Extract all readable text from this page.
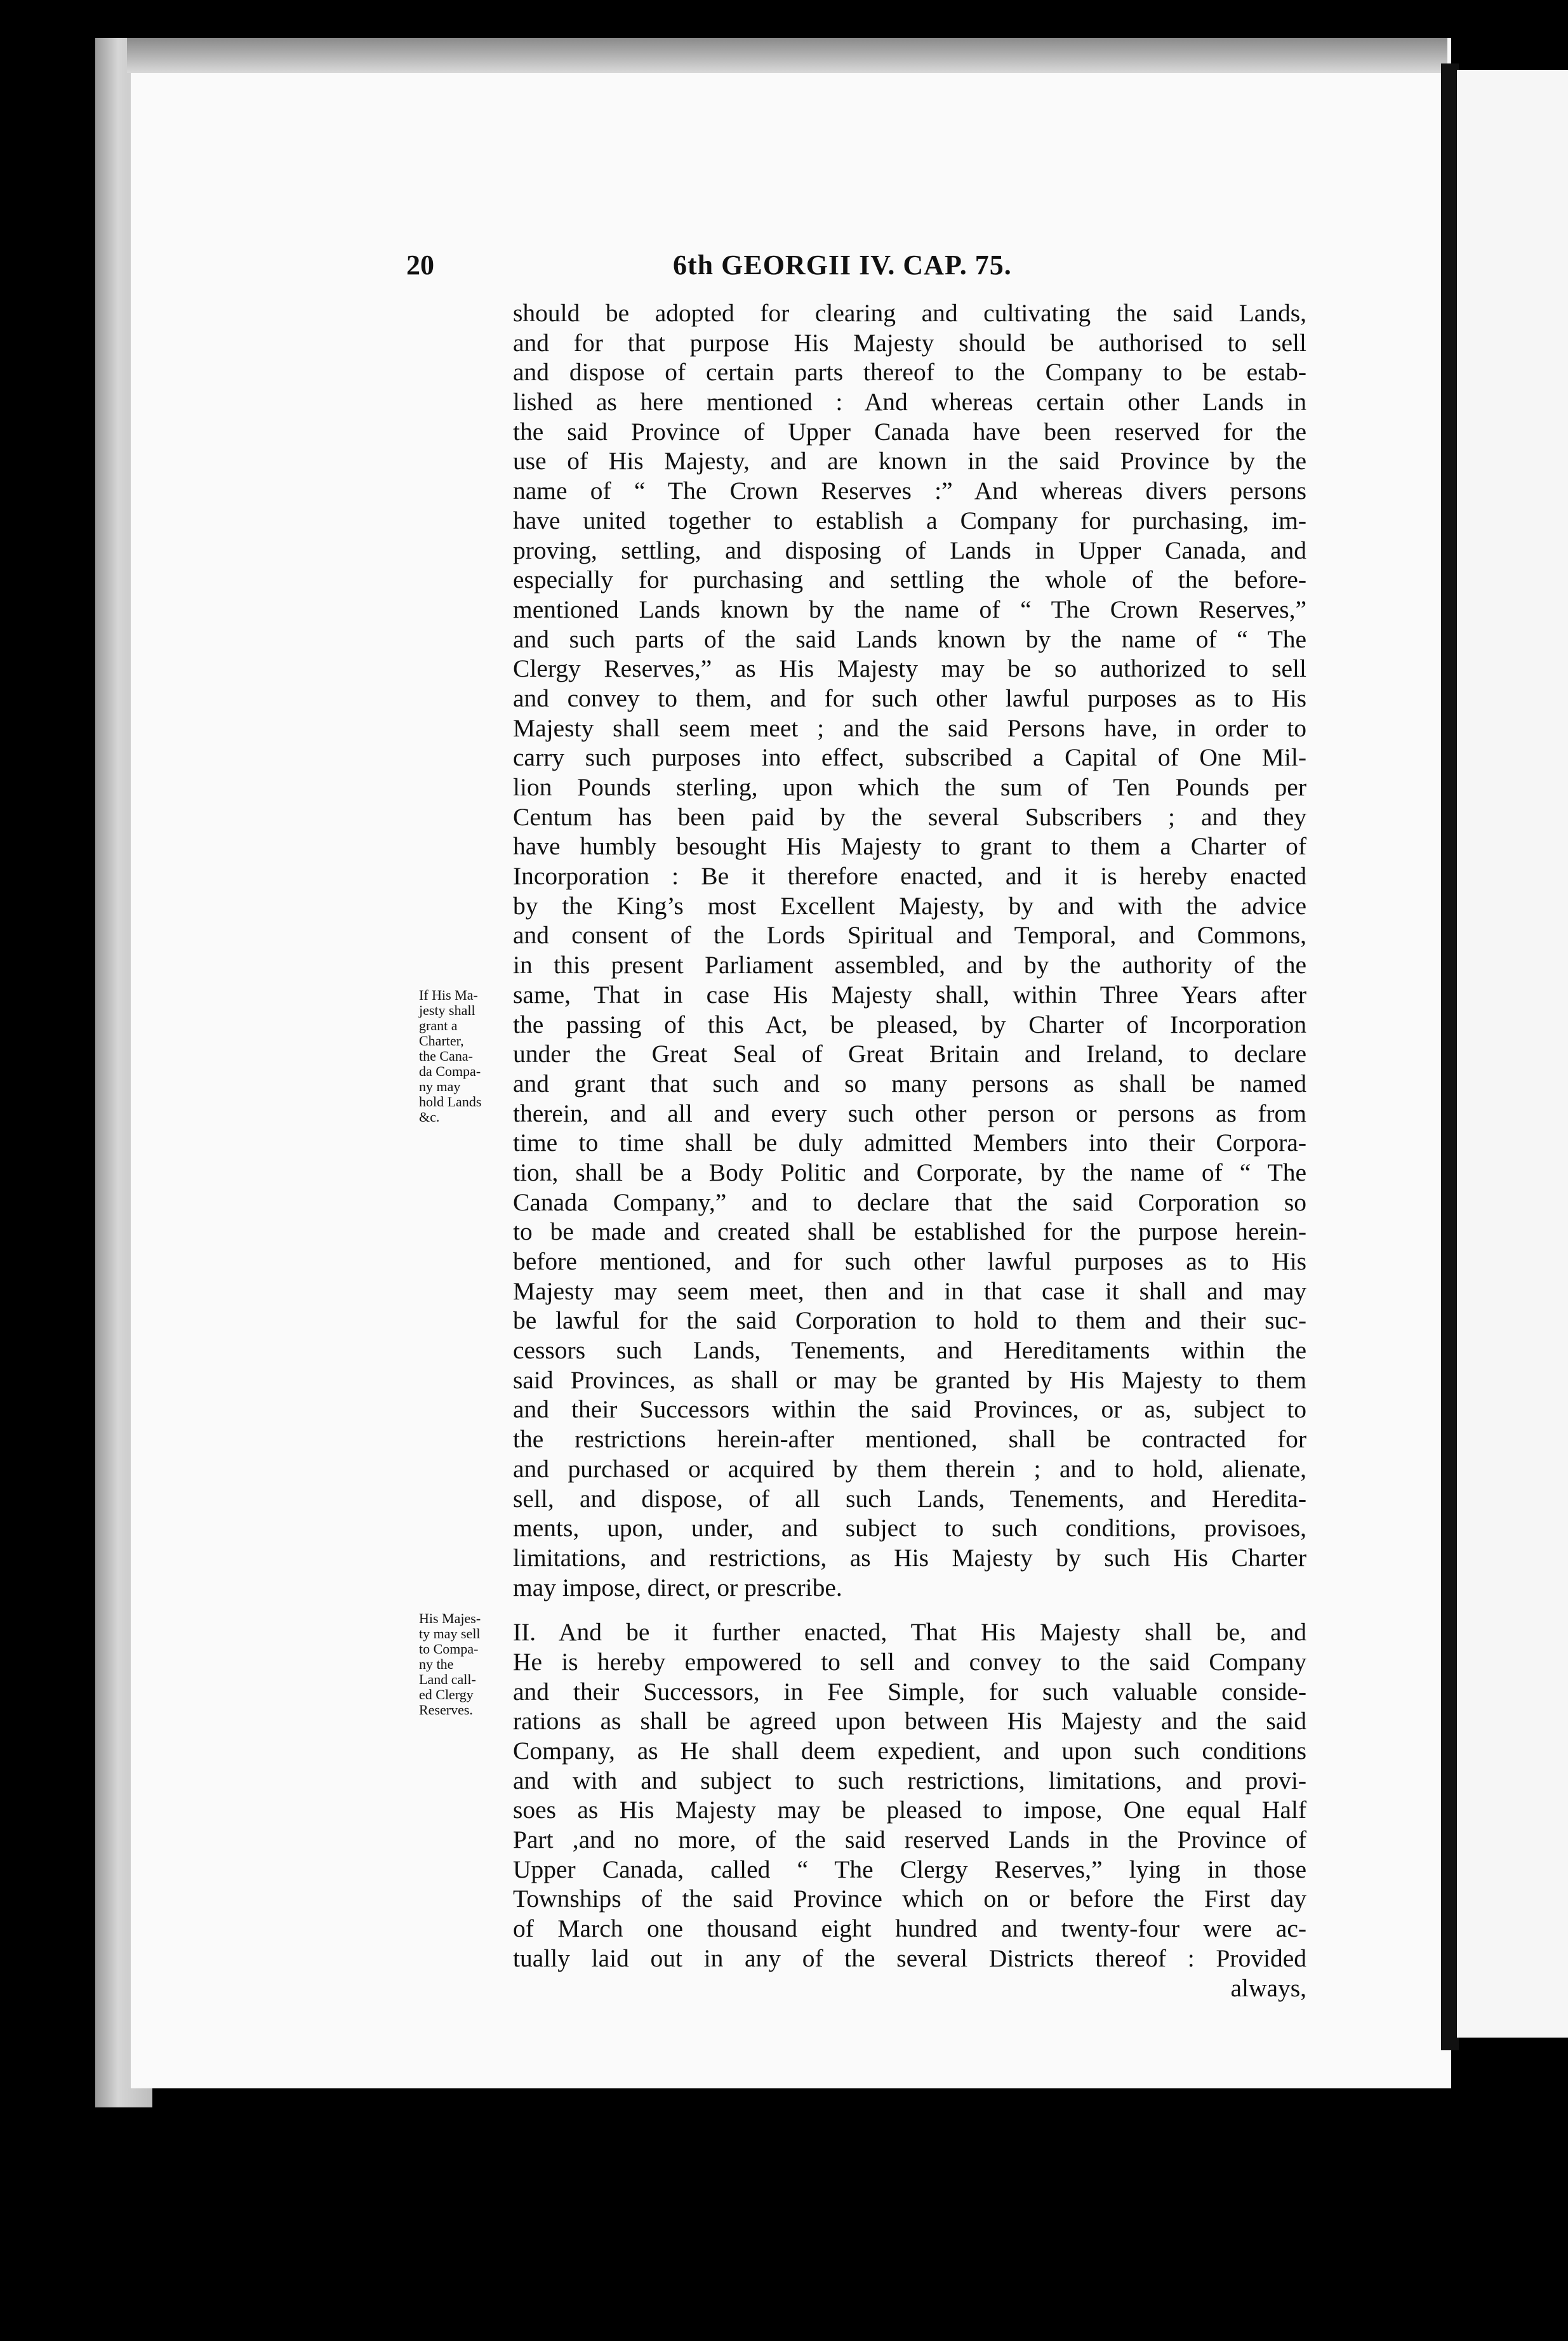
20	6th GEORGII IV. CAP. 75.
should be adopted for clearing and cultivating the said Lands,
and for that purpose His Majesty should be authorised to sell
and dispose of certain parts thereof to the Company to be estab-
lished as here mentioned : And whereas certain other Lands in
the said Province of Upper Canada have been reserved for the
use of His Majesty, and are known in the said Province by the
name of “ The Crown Reserves :” And whereas divers persons
have united together to establish a Company for purchasing, im-
proving, settling, and disposing of Lands in Upper Canada, and
especially for purchasing and settling the whole of the before-
mentioned Lands known by the name of “ The Crown Reserves,”
and such parts of the said Lands known by the name of “ The
Clergy Reserves,” as His Majesty may be so authorized to sell
and convey to them, and for such other lawful purposes as to His
Majesty shall seem meet ; and the said Persons have, in order to
carry such purposes into effect, subscribed a Capital of One Mil-
lion Pounds sterling, upon which the sum of Ten Pounds per
Centum has been paid by the several Subscribers ; and they
have humbly besought His Majesty to grant to them a Charter of
Incorporation : Be it therefore enacted, and it is hereby enacted
by the King’s most Excellent Majesty, by and with the advice
and consent of the Lords Spiritual and Temporal, and Commons,
in this present Parliament assembled, and by the authority of the
same, That in case His Majesty shall, within Three Years after
the passing of this Act, be pleased, by Charter of Incorporation
under the Great Seal of Great Britain and Ireland, to declare
and grant that such and so many persons as shall be named
therein, and all and every such other person or persons as from
time to time shall be duly admitted Members into their Corpora-
tion, shall be a Body Politic and Corporate, by the name of “ The
Canada Company,” and to declare that the said Corporation so
to be made and created shall be established for the purpose herein-
before mentioned, and for such other lawful purposes as to His
Majesty may seem meet, then and in that case it shall and may
be lawful for the said Corporation to hold to them and their suc-
cessors such Lands, Tenements, and Hereditaments within the
said Provinces, as shall or may be granted by His Majesty to them
and their Successors within the said Provinces, or as, subject to
the restrictions herein-after mentioned, shall be contracted for
and purchased or acquired by them therein ; and to hold, alienate,
sell, and dispose, of all such Lands, Tenements, and Heredita-
ments, upon, under, and subject to such conditions, provisoes,
limitations, and restrictions, as His Majesty by such His Charter
may impose, direct, or prescribe.
II. And be it further enacted, That His Majesty shall be, and
He is hereby empowered to sell and convey to the said Company
and their Successors, in Fee Simple, for such valuable conside-
rations as shall be agreed upon between His Majesty and the said
Company, as He shall deem expedient, and upon such conditions
and with and subject to such restrictions, limitations, and provi-
soes as His Majesty may be pleased to impose, One equal Half
Part ,and no more, of the said reserved Lands in the Province of
Upper Canada, called “ The Clergy Reserves,” lying in those
Townships of the said Province which on or before the First day
of March one thousand eight hundred and twenty-four were ac-
tually laid out in any of the several Districts thereof : Provided
always,
If His Ma-
jesty shall
grant a
Charter,
the Cana-
da Compa-
ny may
hold Lands
&c.
His Majes-
ty may sell
to Compa-
ny the
Land call-
ed Clergy
Reserves.
